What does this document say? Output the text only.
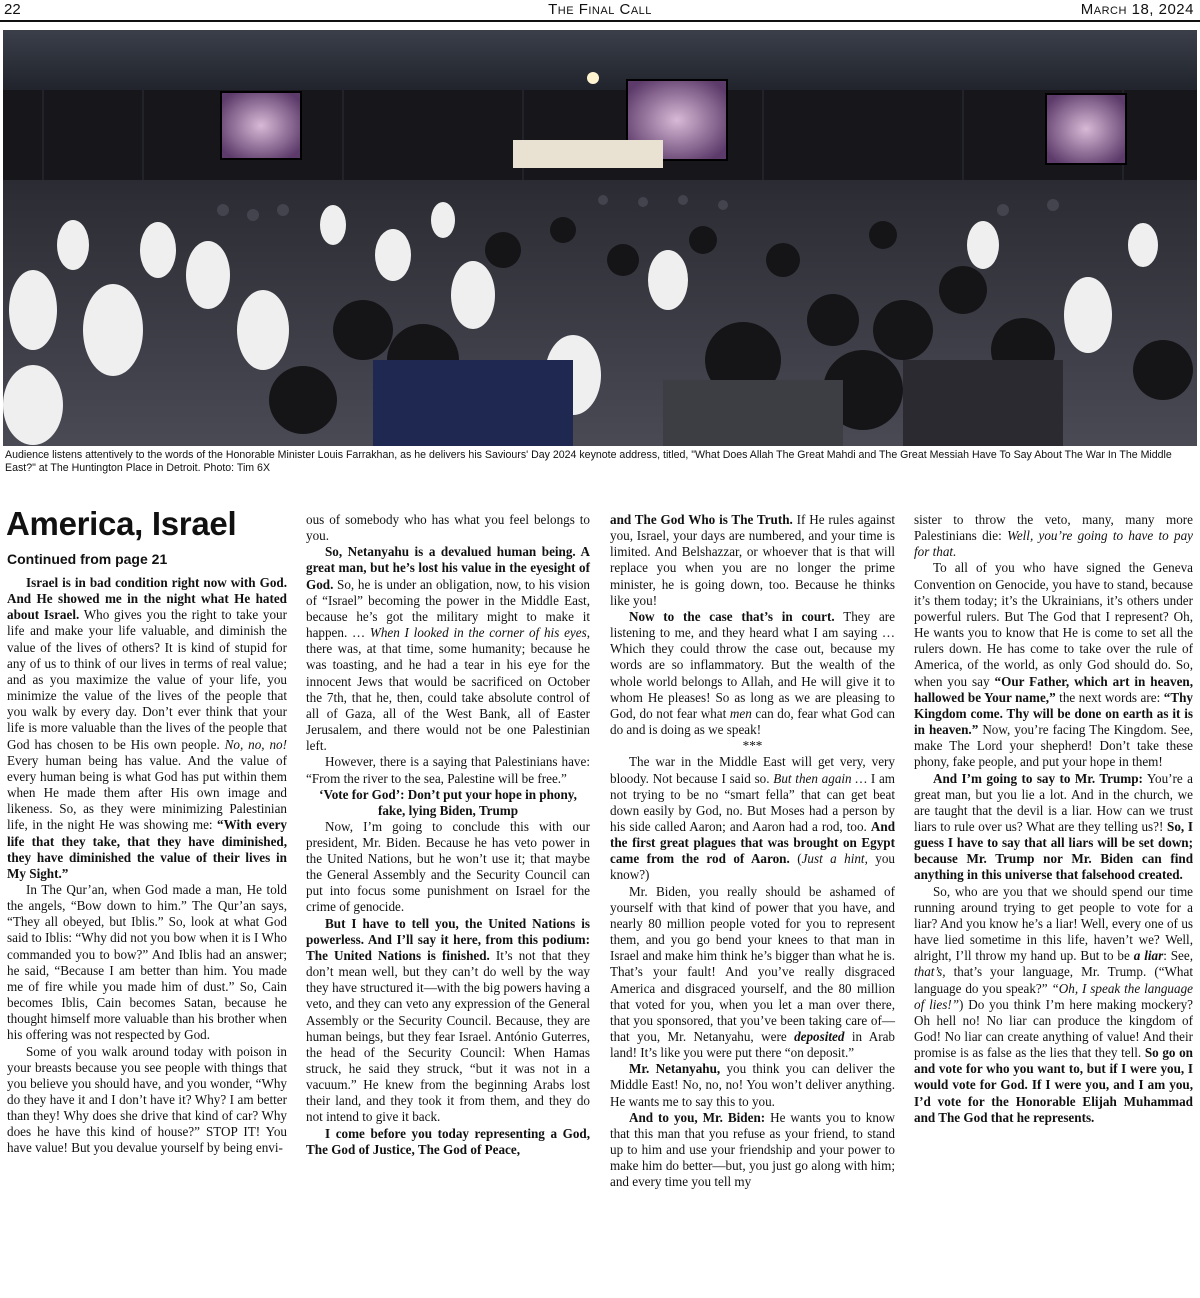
22	The Final Call	March 18, 2024
Audience listens attentively to the words of the Honorable Minister Louis Farrakhan, as he delivers his Saviours' Day 2024 keynote address, titled, "What Does Allah The Great Mahdi and The Great Messiah Have To Say About The War In The Middle East?" at The Huntington Place in Detroit. Photo: Tim 6X
America, Israel
Continued from page 21

Israel is in bad condition right now with God. And He showed me in the night what He hated about Israel. Who gives you the right to take your life and make your life valuable, and diminish the value of the lives of others? It is kind of stupid for any of us to think of our lives in terms of real value; and as you maximize the value of your life, you minimize the value of the lives of the people that you walk by every day. Don’t ever think that your life is more valuable than the lives of the people that God has chosen to be His own people. No, no, no! Every human being has value. And the value of every human being is what God has put within them when He made them after His own image and likeness. So, as they were minimizing Palestinian life, in the night He was showing me: “With every life that they take, that they have diminished, they have diminished the value of their lives in My Sight.”

In The Qur’an, when God made a man, He told the angels, “Bow down to him.” The Qur’an says, “They all obeyed, but Iblis.” So, look at what God said to Iblis: “Why did not you bow when it is I Who commanded you to bow?” And Iblis had an answer; he said, “Because I am better than him. You made me of fire while you made him of dust.” So, Cain becomes Iblis, Cain becomes Satan, because he thought himself more valuable than his brother when his offering was not respected by God.

Some of you walk around today with poison in your breasts because you see people with things that you believe you should have, and you wonder, “Why do they have it and I don’t have it? Why? I am better than they! Why does she drive that kind of car? Why does he have this kind of house?” STOP IT! You have value! But you devalue yourself by being envi-

ous of somebody who has what you feel belongs to you.

So, Netanyahu is a devalued human being. A great man, but he’s lost his value in the eyesight of God. So, he is under an obligation, now, to his vision of “Israel” becoming the power in the Middle East, because he’s got the military might to make it happen. … When I looked in the corner of his eyes, there was, at that time, some humanity; because he was toasting, and he had a tear in his eye for the innocent Jews that would be sacrificed on October the 7th, that he, then, could take absolute control of all of Gaza, all of the West Bank, all of Easter Jerusalem, and there would not be one Palestinian left.

However, there is a saying that Palestinians have: “From the river to the sea, Palestine will be free.”

‘Vote for God’: Don’t put your hope in phony, fake, lying Biden, Trump

Now, I’m going to conclude this with our president, Mr. Biden. Because he has veto power in the United Nations, but he won’t use it; that maybe the General Assembly and the Security Council can put into focus some punishment on Israel for the crime of genocide.

But I have to tell you, the United Nations is powerless. And I’ll say it here, from this podium: The United Nations is finished. It’s not that they don’t mean well, but they can’t do well by the way they have structured it—with the big powers having a veto, and they can veto any expression of the General Assembly or the Security Council. Because, they are human beings, but they fear Israel. António Guterres, the head of the Security Council: When Hamas struck, he said they struck, “but it was not in a vacuum.” He knew from the beginning Arabs lost their land, and they took it from them, and they do not intend to give it back.

I come before you today representing a God, The God of Justice, The God of Peace,

and The God Who is The Truth. If He rules against you, Israel, your days are numbered, and your time is limited. And Belshazzar, or whoever that is that will replace you when you are no longer the prime minister, he is going down, too. Because he thinks like you!

Now to the case that’s in court. They are listening to me, and they heard what I am saying … Which they could throw the case out, because my words are so inflammatory. But the wealth of the whole world belongs to Allah, and He will give it to whom He pleases! So as long as we are pleasing to God, do not fear what men can do, fear what God can do and is doing as we speak!

***

The war in the Middle East will get very, very bloody. Not because I said so. But then again … I am not trying to be no “smart fella” that can get beat down easily by God, no. But Moses had a person by his side called Aaron; and Aaron had a rod, too. And the first great plagues that was brought on Egypt came from the rod of Aaron. (Just a hint, you know?)

Mr. Biden, you really should be ashamed of yourself with that kind of power that you have, and nearly 80 million people voted for you to represent them, and you go bend your knees to that man in Israel and make him think he’s bigger than what he is. That’s your fault! And you’ve really disgraced America and disgraced yourself, and the 80 million that voted for you, when you let a man over there, that you sponsored, that you’ve been taking care of—that you, Mr. Netanyahu, were deposited in Arab land! It’s like you were put there “on deposit.”

Mr. Netanyahu, you think you can deliver the Middle East! No, no, no! You won’t deliver anything. He wants me to say this to you.

And to you, Mr. Biden: He wants you to know that this man that you refuse as your friend, to stand up to him and use your friendship and your power to make him do better—but, you just go along with him; and every time you tell my

sister to throw the veto, many, many more Palestinians die: Well, you’re going to have to pay for that.

To all of you who have signed the Geneva Convention on Genocide, you have to stand, because it’s them today; it’s the Ukrainians, it’s others under powerful rulers. But The God that I represent? Oh, He wants you to know that He is come to set all the rulers down. He has come to take over the rule of America, of the world, as only God should do. So, when you say “Our Father, which art in heaven, hallowed be Your name,” the next words are: “Thy Kingdom come. Thy will be done on earth as it is in heaven.” Now, you’re facing The Kingdom. See, make The Lord your shepherd! Don’t take these phony, fake people, and put your hope in them!

And I’m going to say to Mr. Trump: You’re a great man, but you lie a lot. And in the church, we are taught that the devil is a liar. How can we trust liars to rule over us? What are they telling us?! So, I guess I have to say that all liars will be set down; because Mr. Trump nor Mr. Biden can find anything in this universe that falsehood created.

So, who are you that we should spend our time running around trying to get people to vote for a liar? And you know he’s a liar! Well, every one of us have lied sometime in this life, haven’t we? Well, alright, I’ll throw my hand up. But to be a liar: See, that’s, that’s your language, Mr. Trump. (“What language do you speak?” “Oh, I speak the language of lies!”) Do you think I’m here making mockery? Oh hell no! No liar can produce the kingdom of God! No liar can create anything of value! And their promise is as false as the lies that they tell. So go on and vote for who you want to, but if I were you, I would vote for God. If I were you, and I am you, I’d vote for the Honorable Elijah Muhammad and The God that he represents.
